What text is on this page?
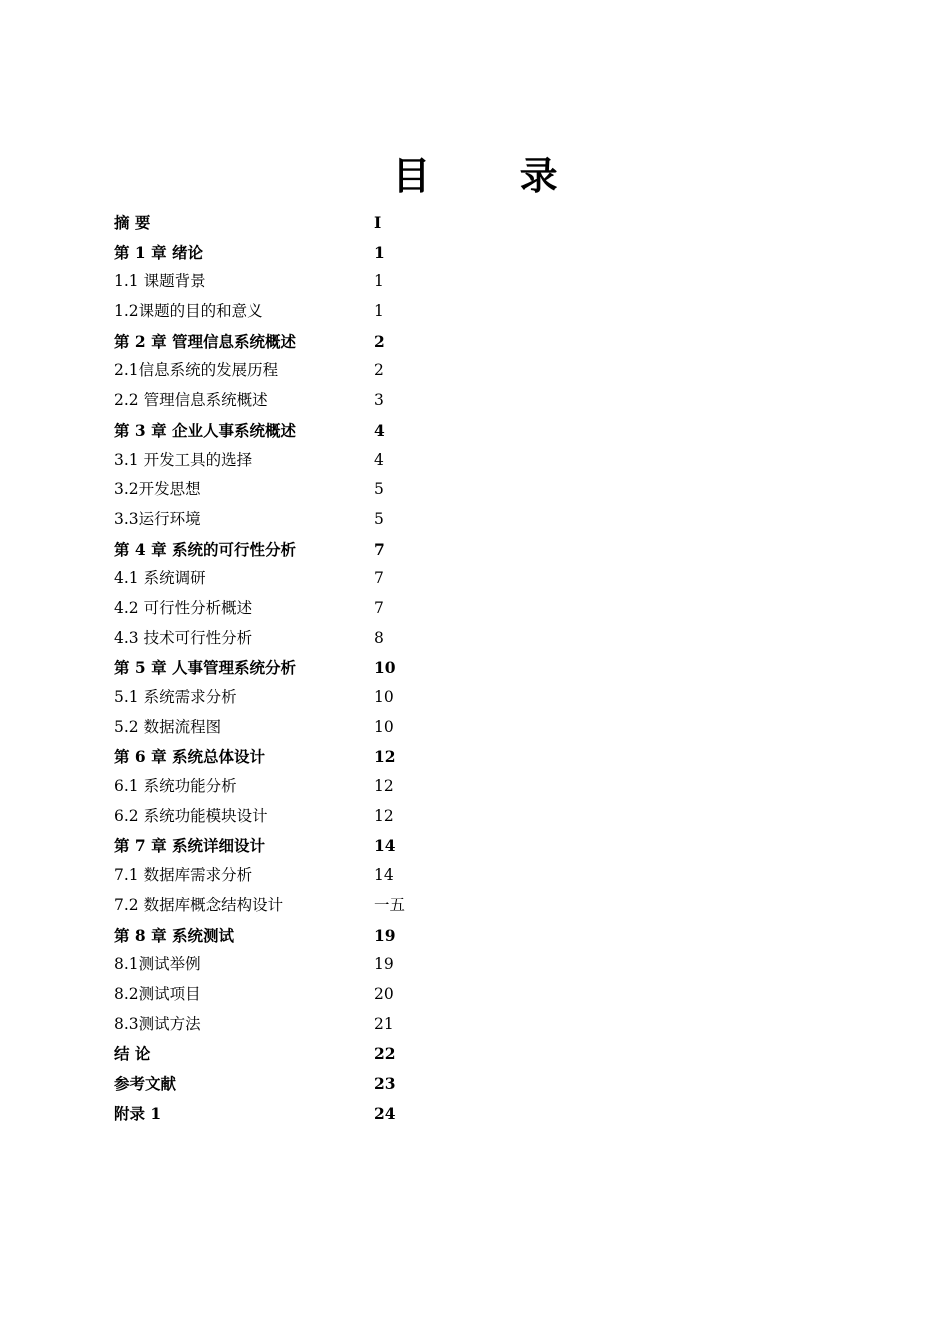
目 录
摘 要	I
第 1 章 绪论	1
1.1 课题背景	1
1.2课题的目的和意义	1
第 2 章 管理信息系统概述	2
2.1信息系统的发展历程	2
2.2 管理信息系统概述	3
第 3 章 企业人事系统概述	4
3.1 开发工具的选择	4
3.2开发思想	5
3.3运行环境	5
第 4 章 系统的可行性分析	7
4.1 系统调研	7
4.2 可行性分析概述	7
4.3 技术可行性分析	8
第 5 章 人事管理系统分析	10
5.1 系统需求分析	10
5.2 数据流程图	10
第 6 章 系统总体设计	12
6.1 系统功能分析	12
6.2 系统功能模块设计	12
第 7 章 系统详细设计	14
7.1 数据库需求分析	14
7.2 数据库概念结构设计	一五
第 8 章 系统测试	19
8.1测试举例	19
8.2测试项目	20
8.3测试方法	21
结 论	22
参考文献	23
附录 1	24
